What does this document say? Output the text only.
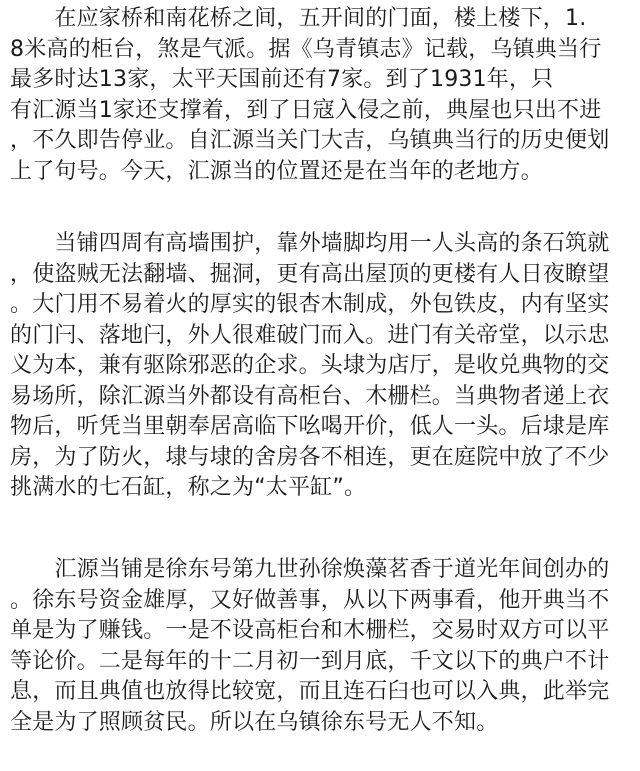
　　在应家桥和南花桥之间，五开间的门面，楼上楼下，1.
8米高的柜台，煞是气派。据《乌青镇志》记载，乌镇典当行
最多时达13家，太平天国前还有7家。到了1931年，只
有汇源当1家还支撑着，到了日寇入侵之前，典屋也只出不进
，不久即告停业。自汇源当关门大吉，乌镇典当行的历史便划
上了句号。今天，汇源当的位置还是在当年的老地方。
　　当铺四周有高墙围护，靠外墙脚均用一人头高的条石筑就
，使盗贼无法翻墙、掘洞，更有高出屋顶的更楼有人日夜瞭望
。大门用不易着火的厚实的银杏木制成，外包铁皮，内有坚实
的门闩、落地闩，外人很难破门而入。进门有关帝堂，以示忠
义为本，兼有驱除邪恶的企求。头埭为店厅，是收兑典物的交
易场所，除汇源当外都设有高柜台、木栅栏。当典物者递上衣
物后，听凭当里朝奉居高临下吆喝开价，低人一头。后埭是库
房，为了防火，埭与埭的舍房各不相连，更在庭院中放了不少
挑满水的七石缸，称之为“太平缸”。
　　汇源当铺是徐东号第九世孙徐焕藻茗香于道光年间创办的
。徐东号资金雄厚，又好做善事，从以下两事看，他开典当不
单是为了赚钱。一是不设高柜台和木栅栏，交易时双方可以平
等论价。二是每年的十二月初一到月底，千文以下的典户不计
息，而且典值也放得比较宽，而且连石臼也可以入典，此举完
全是为了照顾贫民。所以在乌镇徐东号无人不知。
